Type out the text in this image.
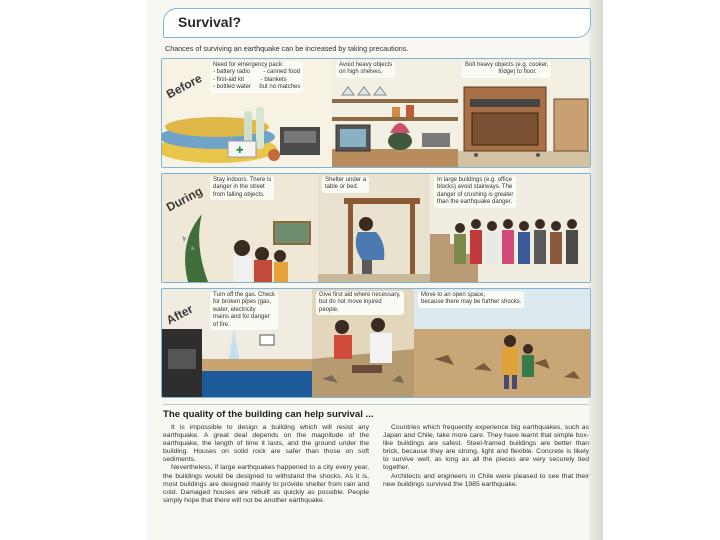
Survival?
Chances of surviving an earthquake can be increased by taking precautions.
✚
Before
Need for emergency pack:
- battery radio        - canned food
- first-aid kit          - blankets
- bottled water     but no matches
Avoid heavy objects
on high shelves.
Bolt heavy objects (e.g. cooker,
fridge) to floor.
During
Stay indoors. There is
danger in the street
from falling objects.
Shelter under a
table or bed.
In large buildings (e.g. office
blocks) avoid stairways. The
danger of crushing is greater
than the earthquake danger.
After
Turn off the gas. Check
for broken pipes (gas,
water, electricity
mains and for danger
of fire.
Give first aid where necessary,
but do not move injured
people.
Move to an open space,
because there may be further shocks.
The quality of the building can help survival ...

It is impossible to design a building which will resist any earthquake. A great deal depends on the magnitude of the earthquake, the length of time it lasts, and the ground under the building. Houses on solid rock are safer than those on soft sediments.

Nevertheless, if large earthquakes happened to a city every year, the buildings would be designed to withstand the shocks. As it is, most buildings are designed mainly to provide shelter from rain and cold. Damaged houses are rebuilt as quickly as possible. People simply hope that there will not be another earthquake.

Countries which frequently experience big earthquakes, such as Japan and Chile, take more care. They have learnt that simple box-like buildings are safest. Steel-framed buildings are better than brick, because they are strong, light and flexible. Concrete is likely to survive well, as long as all the pieces are very securely tied together.

Architects and engineers in Chile were pleased to see that their new buildings survived the 1985 earthquake.
